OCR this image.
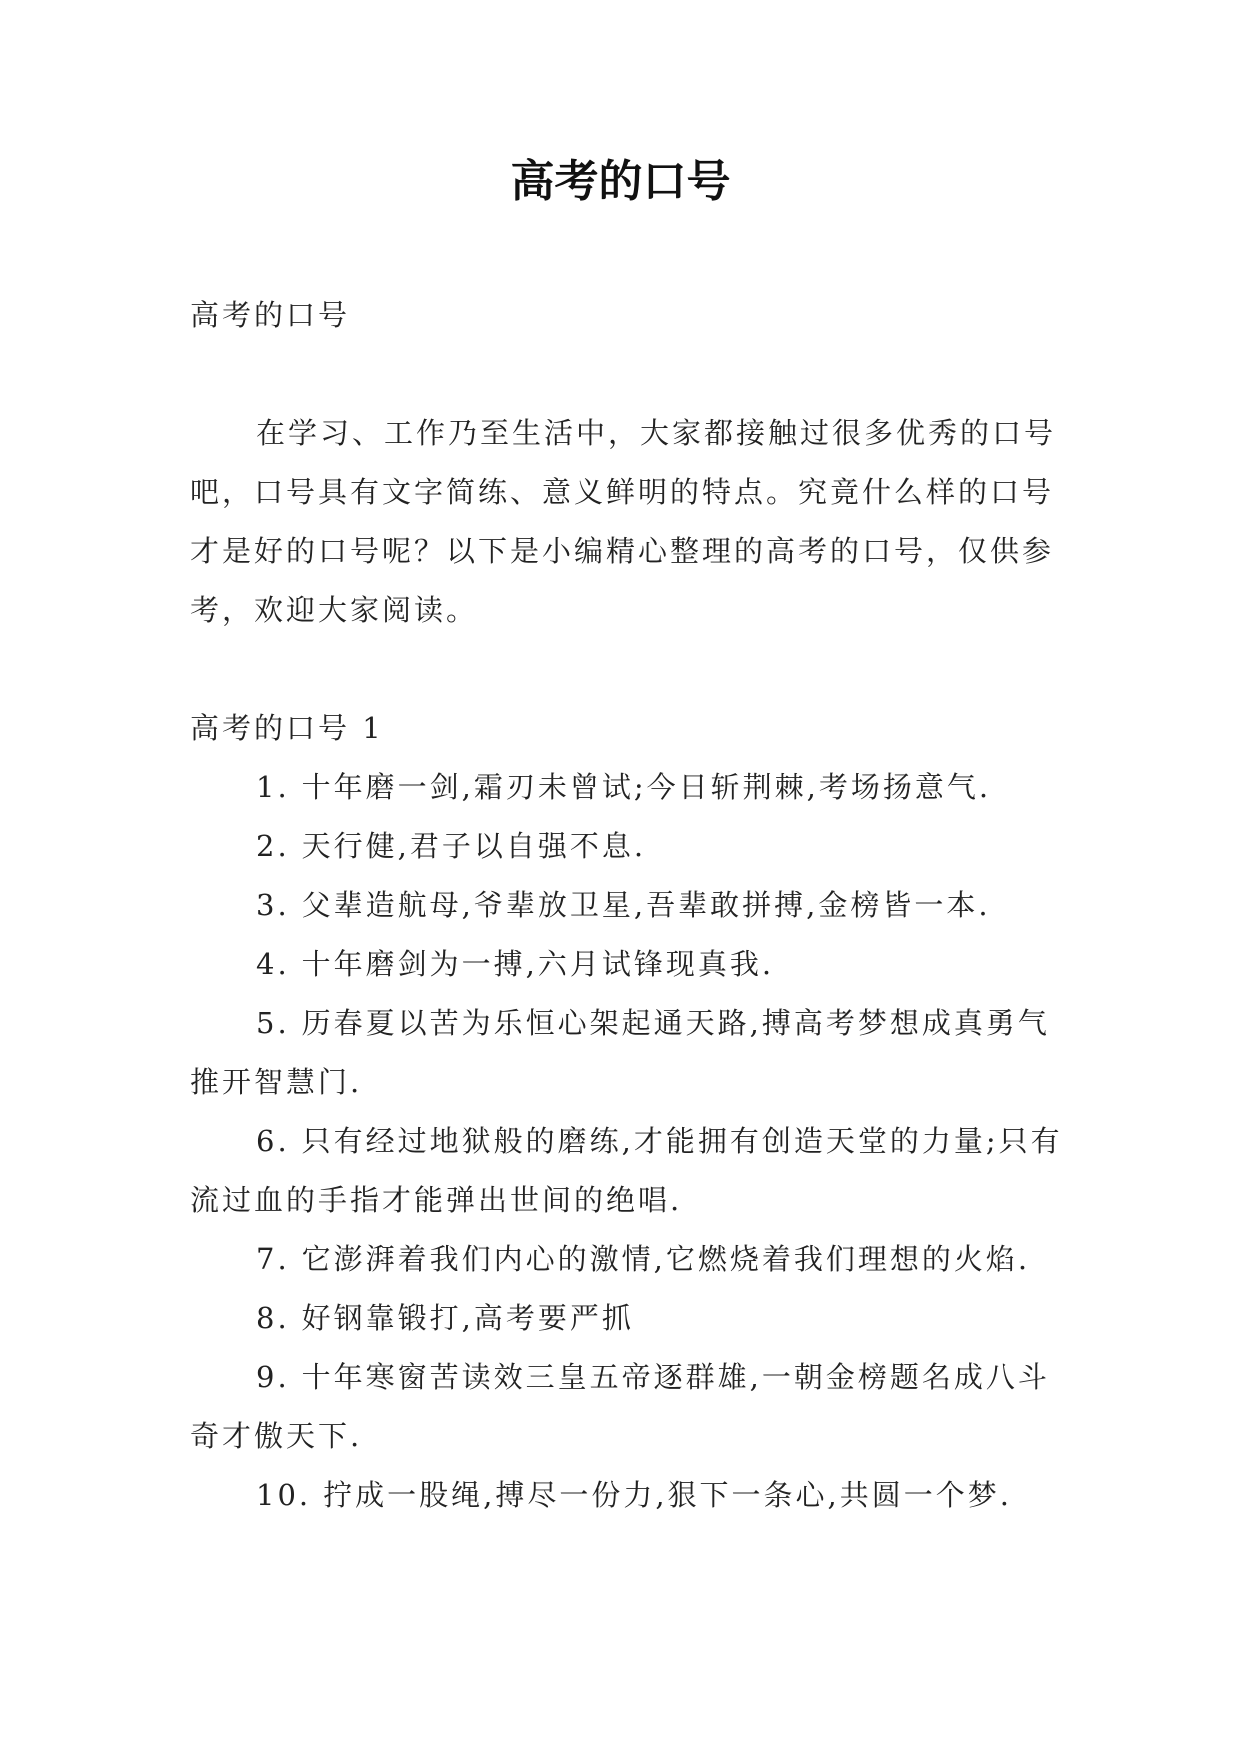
高考的口号

高考的口号

在学习、工作乃至生活中，大家都接触过很多优秀的口号吧，口号具有文字简练、意义鲜明的特点。究竟什么样的口号才是好的口号呢？以下是小编精心整理的高考的口号，仅供参考，欢迎大家阅读。

高考的口号 1

1. 十年磨一剑,霜刃未曾试;今日斩荆棘,考场扬意气.

2. 天行健,君子以自强不息.

3. 父辈造航母,爷辈放卫星,吾辈敢拼搏,金榜皆一本.

4. 十年磨剑为一搏,六月试锋现真我.

5. 历春夏以苦为乐恒心架起通天路,搏高考梦想成真勇气推开智慧门.

6. 只有经过地狱般的磨练,才能拥有创造天堂的力量;只有流过血的手指才能弹出世间的绝唱.

7. 它澎湃着我们内心的激情,它燃烧着我们理想的火焰.

8. 好钢靠锻打,高考要严抓

9. 十年寒窗苦读效三皇五帝逐群雄,一朝金榜题名成八斗奇才傲天下.

10. 拧成一股绳,搏尽一份力,狠下一条心,共圆一个梦.
